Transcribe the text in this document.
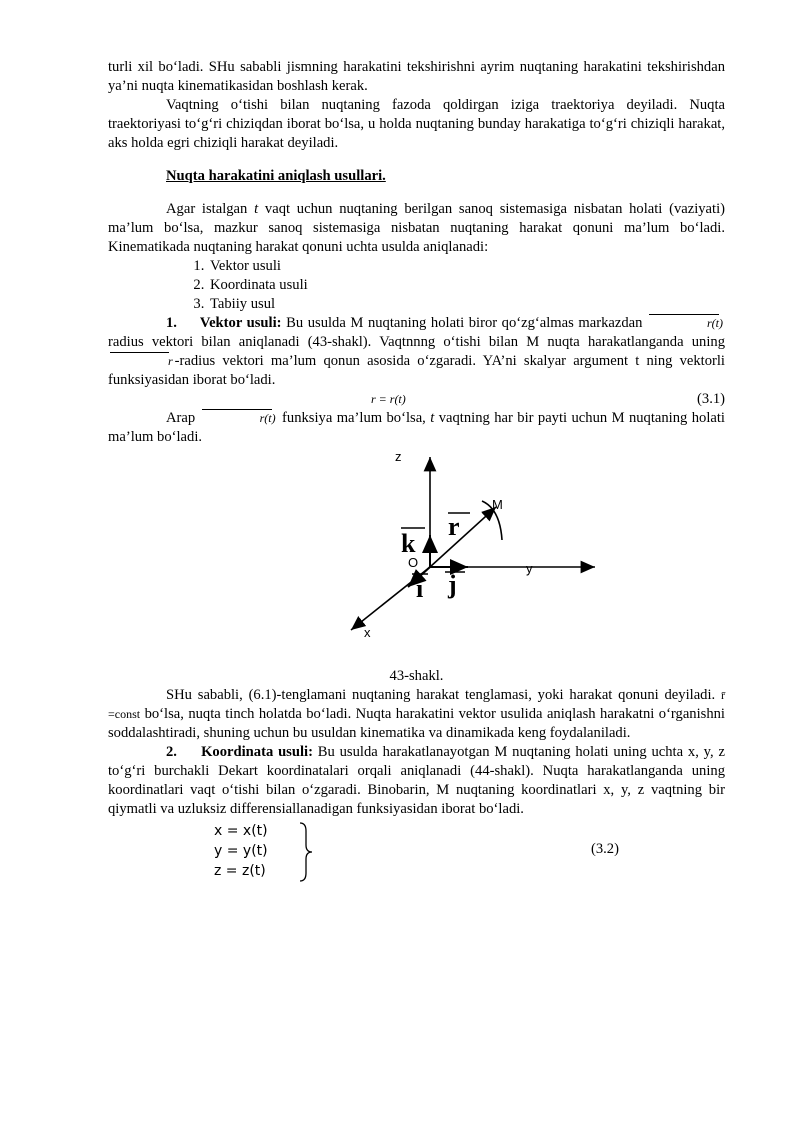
turli xil bo‘ladi. SHu sababli jismning harakatini tekshirishni ayrim nuqtaning harakatini tekshirishdan ya’ni nuqta kinematikasidan boshlash kerak.

Vaqtning o‘tishi bilan nuqtaning fazoda qoldirgan iziga traektoriya deyiladi. Nuqta traektoriyasi to‘g‘ri chiziqdan iborat bo‘lsa, u holda nuqtaning bunday harakatiga to‘g‘ri chiziqli harakat, aks holda egri chiziqli harakat deyiladi.

Nuqta harakatini aniqlash usullari.

Agar istalgan t vaqt uchun nuqtaning berilgan sanoq sistemasiga nisbatan holati (vaziyati) ma’lum bo‘lsa, mazkur sanoq sistemasiga nisbatan nuqtaning harakat qonuni ma’lum bo‘ladi. Kinematikada nuqtaning harakat qonuni uchta usulda aniqlanadi:

1. Vektor usuli
2. Koordinata usuli
3. Tabiiy usul

1. Vektor usuli: Bu usulda M nuqtaning holati biror qo‘zg‘almas markazdan	r(t) radius vektori bilan aniqlanadi (43-shakl). Vaqtnnng o‘tishi bilan M nuqta harakatlanganda uning r -radius vektori ma’lum qonun asosida o‘zgaradi. YA’ni skalyar argument t ning vektorli funksiyasidan iborat bo‘ladi.

r = r(t)	(3.1)

Arap	r(t) funksiya ma’lum bo‘lsa, t vaqtning har bir payti uchun M nuqtaning holati ma’lum bo‘ladi.

z
y
x
O
M
k
r
i j

43-shakl.

SHu sababli, (6.1)-tenglamani nuqtaning harakat tenglamasi, yoki harakat qonuni deyiladi. r̄ =const bo‘lsa, nuqta tinch holatda bo‘ladi. Nuqta harakatini vektor usulida aniqlash harakatni o‘rganishni soddalashtiradi, shuning uchun bu usuldan kinematika va dinamikada keng foydalaniladi.

2. Koordinata usuli: Bu usulda harakatlanayotgan M nuqtaning holati uning uchta x, y, z to‘g‘ri burchakli Dekart koordinatalari orqali aniqlanadi (44-shakl). Nuqta harakatlanganda uning koordinatlari vaqt o‘tishi bilan o‘zgaradi. Binobarin, M nuqtaning koordinatlari x, y, z vaqtning bir qiymatli va uzluksiz differensiallanadigan funksiyasidan iborat bo‘ladi.

x = x(t)
y = y(t)
z = z(t)
(3.2)
